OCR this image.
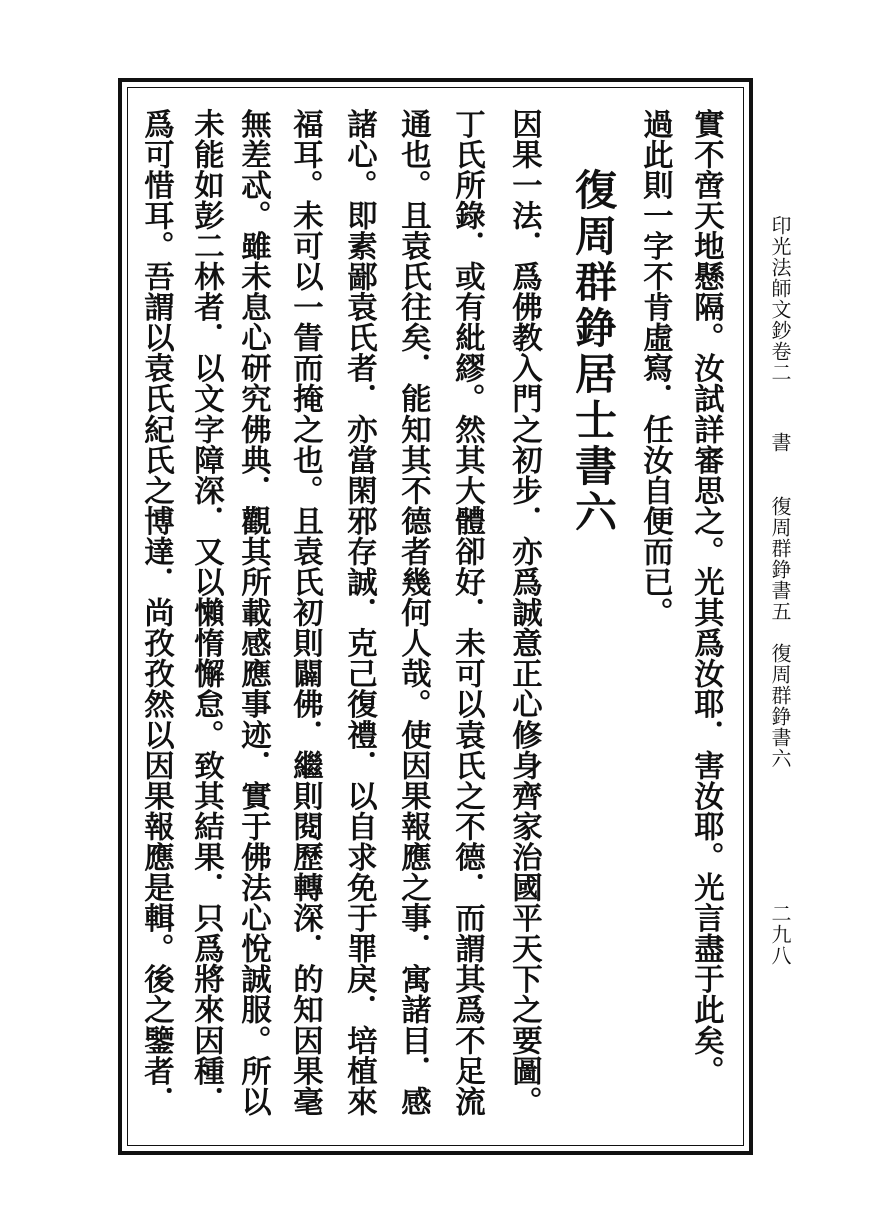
印光法師文鈔卷二 書 復周群錚書五　復周群錚書六
二九八

實不啻天地懸隔。汝試詳審思之。光其爲汝耶．害汝耶。光言盡于此矣。

過此則一字不肯虛寫．任汝自便而已。

復周群錚居士書六

因果一法．爲佛教入門之初步．亦爲誠意正心修身齊家治國平天下之要圖。

丁氏所錄．或有紕繆。然其大體卻好．未可以袁氏之不德．而謂其爲不足流

通也。且袁氏往矣．能知其不德者幾何人哉。使因果報應之事．寓諸目．感

諸心。即素鄙袁氏者．亦當閑邪存誠．克己復禮．以自求免于罪戾．培植來

福耳。未可以一眚而掩之也。且袁氏初則闢佛．繼則閱歷轉深．的知因果毫

無差忒。雖未息心研究佛典．觀其所載感應事迹．實于佛法心悅誠服。所以

未能如彭二林者．以文字障深．又以懶惰懈怠。致其結果．只爲將來因種．

爲可惜耳。吾謂以袁氏紀氏之博達．尚孜孜然以因果報應是輯。後之鑒者．
